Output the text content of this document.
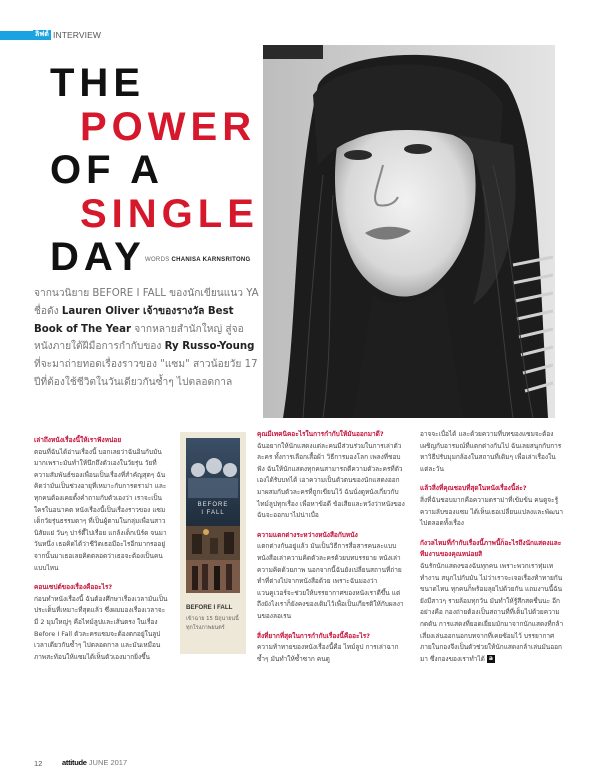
ลิฟต์ INTERVIEW
THE
POWER
OF A
SINGLE
DAY WORDS CHANISA KARNSRITONG
จากนวนิยาย BEFORE I FALL ของนักเขียนแนว YA ชื่อดัง Lauren Oliver เจ้าของรางวัล Best Book of The Year จากหลายสำนักใหญ่ สู่จอหนังภายใต้ฝีมือการกำกับของ Ry Russo-Young ที่จะมาถ่ายทอดเรื่องราวของ "แซม" สาวน้อยวัย 17 ปีที่ต้องใช้ชีวิตในวันเดียวกันซ้ำๆ ไปตลอดกาล
เล่าถึงหนังเรื่องนี้ให้เราฟังหน่อย

ตอนที่ฉันได้อ่านเรื่องนี้ บอกเลยว่าฉันอินกับมันมากเพราะมันทำให้นึกถึงตัวเองในวัยรุ่น วัยที่ความสัมพันธ์ของเพื่อนเป็นเรื่องที่สำคัญสุดๆ ฉันคิดว่ามันเป็นช่วงอายุที่เหมาะกับการดราม่า และทุกคนต้องเคยตั้งคำถามกับตัวเองว่า เราจะเป็นใครในอนาคต หนังเรื่องนี้เป็นเรื่องราวของ แซม เด็กวัยรุ่นธรรมดาๆ ที่เป็นผู้ตามในกลุ่มเพื่อนสาวนิสัยแย่ วันๆ ปาร์ตี้ไปเรื่อย แกล้งเด็กเนิร์ด จนมาวันหนึ่ง เธอคิดได้ว่าชีวิตเธอมีอะไรอีกมากรออยู่ จากนั้นมาเธอเลยคิดตลอดว่าเธอจะต้องเป็นคนแบบไหน

คอนเซปต์ของเรื่องคืออะไร?

ก่อนทำหนังเรื่องนี้ ฉันต้องศึกษาเรื่องเวลามันเป็นประเด็นที่เหมาะที่สุดแล้ว ซึ่งผมมองเรื่องเวลาจะมี 2 มุมใหญ่ๆ คือไทม์ลูปและเส้นตรง ในเรื่อง Before I Fall ตัวละครแซมจะต้องตกอยู่ในลูปเวลาเดียวกันซ้ำๆ ไปตลอดกาล และมันเหมือนภาพสะท้อนให้แซมได้เห็นตัวเองมากยิ่งขึ้น

BEFORE
I FALL
BEFORE I FALL
เข้าฉาย 15 มิถุนายนนี้ ทุกโรงภาพยนตร์
คุณมีเทคนิคอะไรในการกำกับให้มันออกมาดี?

ฉันอยากให้นักแสดงแต่ละคนมีส่วนร่วมในการเล่าตัวละคร ทั้งการเลือกเสื้อผ้า วิธีการมองโลก เพลงที่ชอบฟัง ฉันให้นักแสดงทุกคนสามารถตีความตัวละครที่ตัวเองได้รับบทได้ เอาความเป็นตัวตนของนักแสดงออกมาผสมกับตัวละครที่ถูกเขียนไว้ ฉันนั่งดูหนังเกี่ยวกับไทม์ลูปทุกเรื่อง เพื่อหาข้อดี ข้อเสียและหวังว่าหนังของฉันจะออกมาไม่น่าเบื่อ

ความแตกต่างระหว่างหนังสือกับหนัง

แตกต่างกันอยู่แล้ว มันเป็นวิธีการสื่อสารคนละแบบ หนังสือเล่าความคิดตัวละครด้วยบทบรรยาย หนังเล่าความคิดด้วยภาพ นอกจากนี้ฉันยังเปลี่ยนสถานที่ถ่ายทำที่ต่างไปจากหนังสือด้วย เพราะฉันมองว่าแวนคูเวอร์จะช่วยให้บรรยากาศของหนังเราดีขึ้น แต่ถึงยังไงเราก็ยังคงของเดิมไว้เพื่อเป็นเกียรติให้กับผลงานของลอเรน

สิ่งที่ยากที่สุดในการกำกับเรื่องนี้คืออะไร?

ความท้าทายของหนังเรื่องนี้คือ ไทม์ลูป การเล่าฉากซ้ำๆ มันทำให้ซ้ำซาก คนดู

อาจจะเบื่อได้ และด้วยความที่บทของแซมจะต้องเผชิญกับอารมณ์ที่แตกต่างกันไป ฉันเลยสนุกกับการหาวิธีปรับมุมกล้องในสถานที่เดิมๆ เพื่อเล่าเรื่องในแต่ละวัน

แล้วสิ่งที่คุณชอบที่สุดในหนังเรื่องนี้ล่ะ?

สิ่งที่ฉันชอบมากคือความดราม่าที่เข้มข้น คนดูจะรู้ความลับของแซม ได้เห็นเธอเปลี่ยนแปลงและพัฒนาไปตลอดทั้งเรื่อง

กังวลไหมที่กำกับเรื่องนี้ภาพนี้ก็อะไรถึงนักแสดงและทีมงานของคุณหน่อยสิ

ฉันรักนักแสดงของฉันทุกคน เพราะพวกเราทุ่มเททำงาน สนุกไปกับมัน ไม่ว่าเราจะเจอเรื่องท้าทายกันขนาดไหน ทุกคนก็พร้อมลุยไปด้วยกัน แถมงานนี้ฉันยังมีสาวๆ รายล้อมทุกวัน มันทำให้รู้สึกสดชื่นนะ อีกอย่างคือ กองถ่ายต้องเป็นสถานที่ที่เต็มไปด้วยความกดดัน การแสดงที่ยอดเยี่ยมมักมาจากนักแสดงที่กล้าเสี่ยงเล่นออกนอกบทจากที่เคยซ้อมไว้ บรรยากาศภายในกองจึงเป็นตัวช่วยให้นักแสดงกล้าเล่นมันออกมา ซึ่งกองของเราทำได้ a

12	attitude JUNE 2017
